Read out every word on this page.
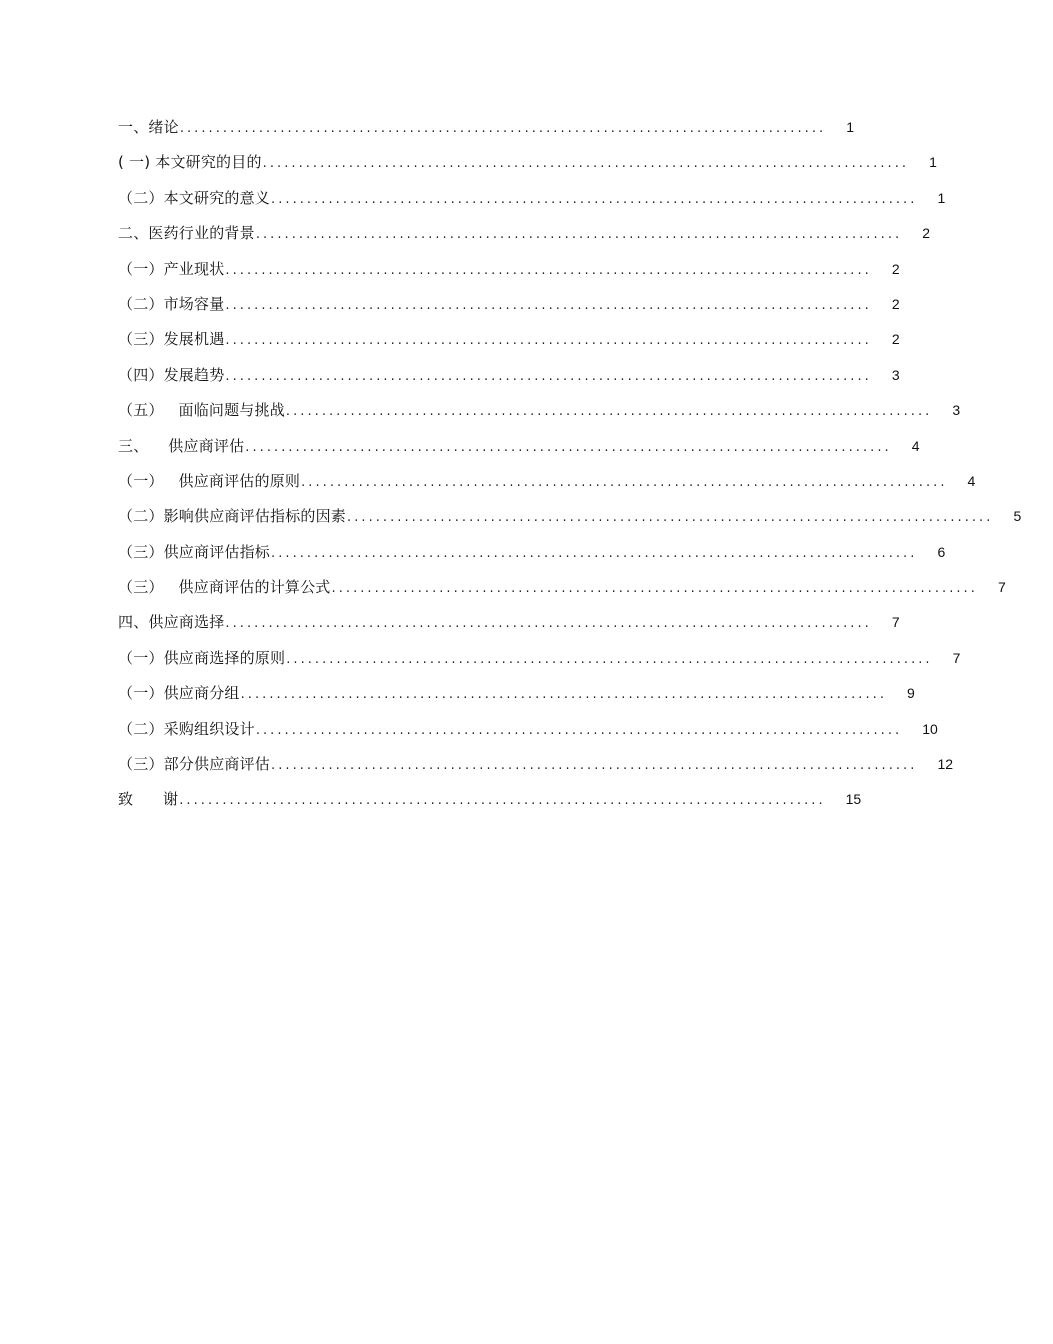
一、绪论 .......................................................................................... 1
( 一) 本文研究的目的 .......................................................................................... 1
（二）本文研究的意义 .......................................................................................... 1
二、医药行业的背景 .......................................................................................... 2
（一）产业现状 .......................................................................................... 2
（二）市场容量 .......................................................................................... 2
（三）发展机遇 .......................................................................................... 2
（四）发展趋势 .......................................................................................... 3
（五）   面临问题与挑战 .......................................................................................... 3
三、    供应商评估 .......................................................................................... 4
（一）   供应商评估的原则 .......................................................................................... 4
（二）影响供应商评估指标的因素 .......................................................................................... 5
（三）供应商评估指标 .......................................................................................... 6
（三）   供应商评估的计算公式 .......................................................................................... 7
四、供应商选择 .......................................................................................... 7
（一）供应商选择的原则 .......................................................................................... 7
（一）供应商分组 .......................................................................................... 9
（二）采购组织设计 .......................................................................................... 10
（三）部分供应商评估 .......................................................................................... 12
致      谢 .......................................................................................... 15
